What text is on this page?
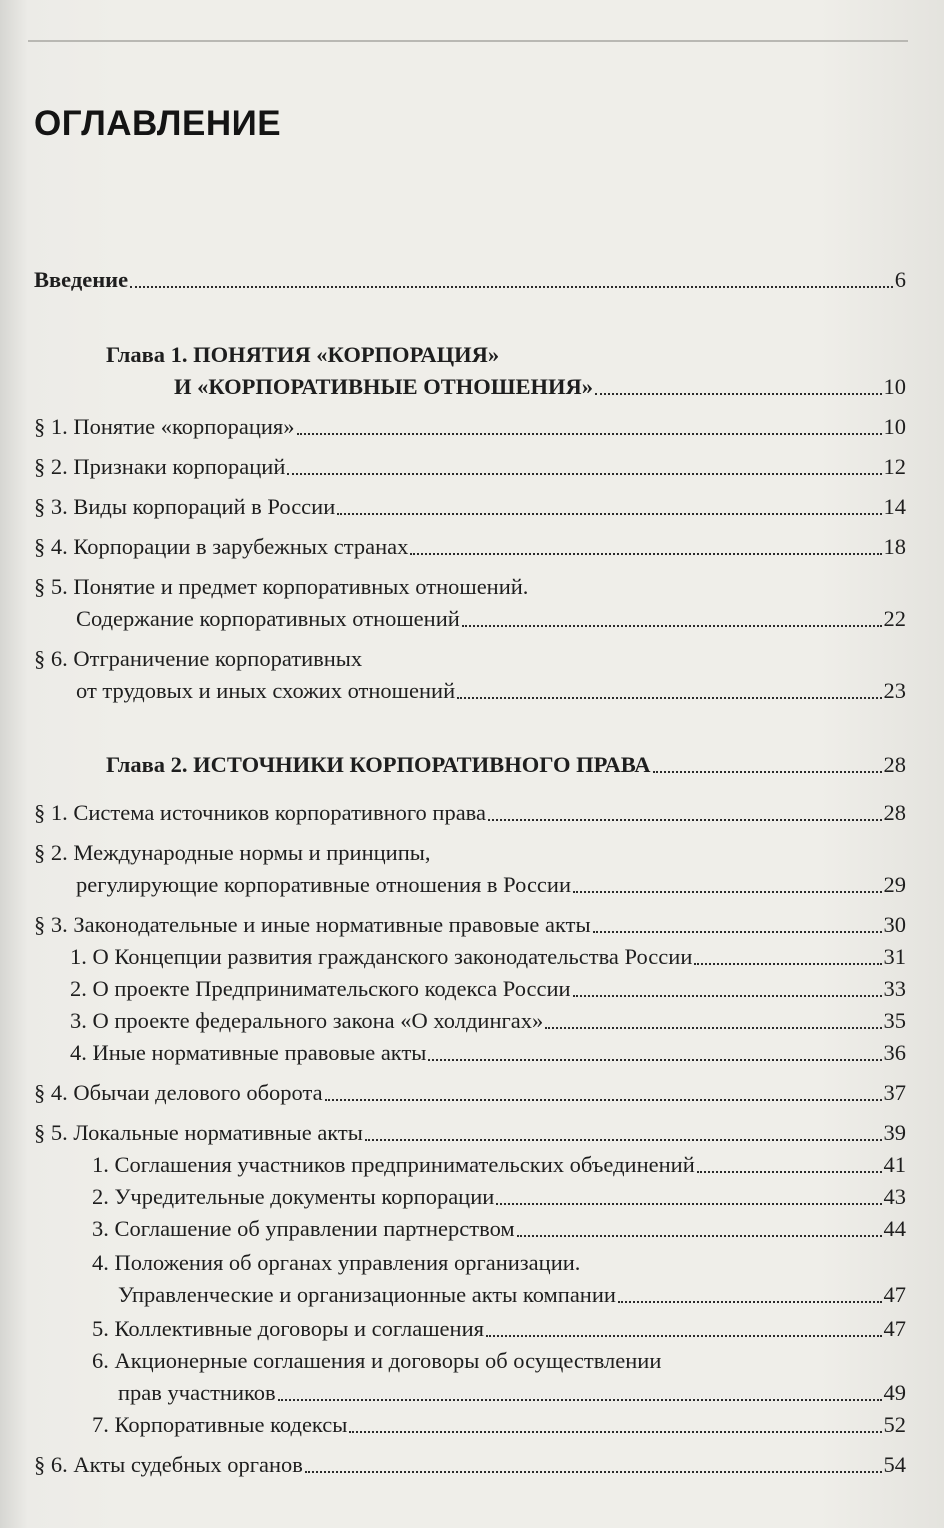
ОГЛАВЛЕНИЕ
Введение	6
Глава 1. ПОНЯТИЯ «КОРПОРАЦИЯ»
И «КОРПОРАТИВНЫЕ ОТНОШЕНИЯ»	10
§ 1. Понятие «корпорация»	10
§ 2. Признаки корпораций	12
§ 3. Виды корпораций в России	14
§ 4. Корпорации в зарубежных странах	18
§ 5. Понятие и предмет корпоративных отношений.
Содержание корпоративных отношений	22
§ 6. Отграничение корпоративных
от трудовых и иных схожих отношений	23
Глава 2. ИСТОЧНИКИ КОРПОРАТИВНОГО ПРАВА	28
§ 1. Система источников корпоративного права	28
§ 2. Международные нормы и принципы,
регулирующие корпоративные отношения в России	29
§ 3. Законодательные и иные нормативные правовые акты	30
1. О Концепции развития гражданского законодательства России	31
2. О проекте Предпринимательского кодекса России	33
3. О проекте федерального закона «О холдингах»	35
4. Иные нормативные правовые акты	36
§ 4. Обычаи делового оборота	37
§ 5. Локальные нормативные акты	39
1. Соглашения участников предпринимательских объединений	41
2. Учредительные документы корпорации	43
3. Соглашение об управлении партнерством	44
4. Положения об органах управления организации.
Управленческие и организационные акты компании	47
5. Коллективные договоры и соглашения	47
6. Акционерные соглашения и договоры об осуществлении
прав участников	49
7. Корпоративные кодексы	52
§ 6. Акты судебных органов	54
